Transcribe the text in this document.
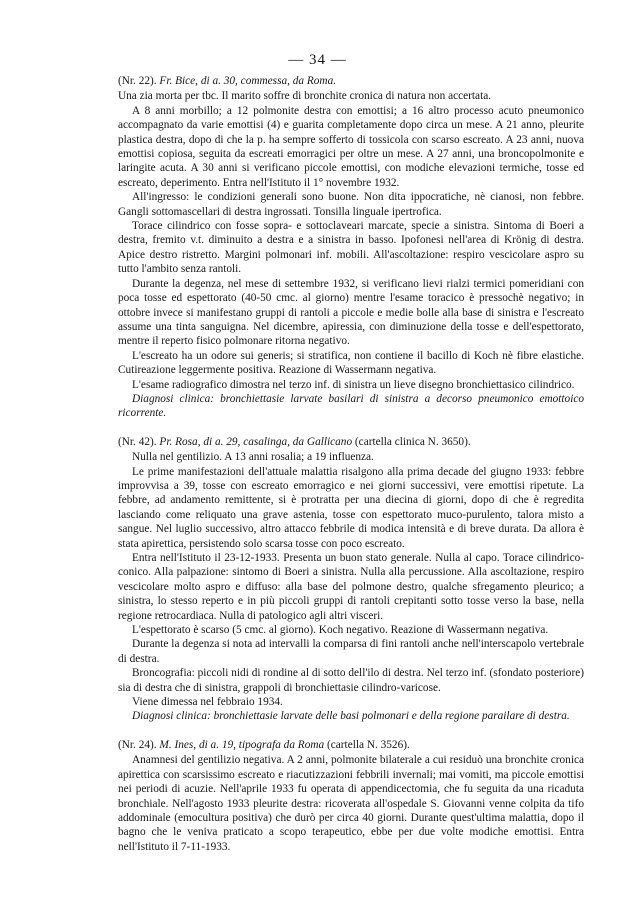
— 34 —

(Nr. 22). Fr. Bice, di a. 30, commessa, da Roma.

Una zia morta per tbc. Il marito soffre di bronchite cronica di natura non accertata.

A 8 anni morbillo; a 12 polmonite destra con emottisi; a 16 altro processo acuto pneumonico accompagnato da varie emottisi (4) e guarita completamente dopo circa un mese. A 21 anno, pleurite plastica destra, dopo di che la p. ha sempre sofferto di tossicola con scarso escreato. A 23 anni, nuova emottisi copiosa, seguita da escreati emorragici per oltre un mese. A 27 anni, una broncopolmonite e laringite acuta. A 30 anni si verificano piccole emottisi, con modiche elevazioni termiche, tosse ed escreato, deperimento. Entra nell'Istituto il 1° novembre 1932.

All'ingresso: le condizioni generali sono buone. Non dita ippocratiche, nè cianosi, non febbre. Gangli sottomascellari di destra ingrossati. Tonsilla linguale ipertrofica.

Torace cilindrico con fosse sopra- e sottoclaveari marcate, specie a sinistra. Sintoma di Boeri a destra, fremito v.t. diminuito a destra e a sinistra in basso. Ipofonesi nell'area di Krönig di destra. Apice destro ristretto. Margini polmonari inf. mobili. All'ascoltazione: respiro vescicolare aspro su tutto l'ambito senza rantoli.

Durante la degenza, nel mese di settembre 1932, si verificano lievi rialzi termici pomeridiani con poca tosse ed espettorato (40-50 cmc. al giorno) mentre l'esame toracico è pressochè negativo; in ottobre invece si manifestano gruppi di rantoli a piccole e medie bolle alla base di sinistra e l'escreato assume una tinta sanguigna. Nel dicembre, apiressia, con diminuzione della tosse e dell'espettorato, mentre il reperto fisico polmonare ritorna negativo.

L'escreato ha un odore sui generis; si stratifica, non contiene il bacillo di Koch nè fibre elastiche. Cutireazione leggermente positiva. Reazione di Wassermann negativa.

L'esame radiografico dimostra nel terzo inf. di sinistra un lieve disegno bronchiettasico cilindrico.

Diagnosi clinica: bronchiettasie larvate basilari di sinistra a decorso pneumonico emottoico ricorrente.

(Nr. 42). Pr. Rosa, di a. 29, casalinga, da Gallicano (cartella clinica N. 3650).

Nulla nel gentilizio. A 13 anni rosalia; a 19 influenza.

Le prime manifestazioni dell'attuale malattia risalgono alla prima decade del giugno 1933: febbre improvvisa a 39, tosse con escreato emorragico e nei giorni successivi, vere emottisi ripetute. La febbre, ad andamento remittente, si è protratta per una diecina di giorni, dopo di che è regredita lasciando come reliquato una grave astenia, tosse con espettorato muco-purulento, talora misto a sangue. Nel luglio successivo, altro attacco febbrile di modica intensità e di breve durata. Da allora è stata apirettica, persistendo solo scarsa tosse con poco escreato.

Entra nell'Istituto il 23-12-1933. Presenta un buon stato generale. Nulla al capo. Torace cilindrico-conico. Alla palpazione: sintomo di Boeri a sinistra. Nulla alla percussione. Alla ascoltazione, respiro vescicolare molto aspro e diffuso: alla base del polmone destro, qualche sfregamento pleurico; a sinistra, lo stesso reperto e in più piccoli gruppi di rantoli crepitanti sotto tosse verso la base, nella regione retrocardiaca. Nulla di patologico agli altri visceri.

L'espettorato è scarso (5 cmc. al giorno). Koch negativo. Reazione di Wassermann negativa.

Durante la degenza si nota ad intervalli la comparsa di fini rantoli anche nell'interscapolo vertebrale di destra.

Broncografia: piccoli nidi di rondine al di sotto dell'ilo di destra. Nel terzo inf. (sfondato posteriore) sia di destra che di sinistra, grappoli di bronchiettasie cilindro-varicose.

Viene dimessa nel febbraio 1934.

Diagnosi clinica: bronchiettasie larvate delle basi polmonari e della regione parailare di destra.

(Nr. 24). M. Ines, di a. 19, tipografa da Roma (cartella N. 3526).

Anamnesi del gentilizio negativa. A 2 anni, polmonite bilaterale a cui residuò una bronchite cronica apirettica con scarsissimo escreato e riacutizzazioni febbrili invernali; mai vomiti, ma piccole emottisi nei periodi di acuzie. Nell'aprile 1933 fu operata di appendicectomia, che fu seguita da una ricaduta bronchiale. Nell'agosto 1933 pleurite destra: ricoverata all'ospedale S. Giovanni venne colpita da tifo addominale (emocultura positiva) che durò per circa 40 giorni. Durante quest'ultima malattia, dopo il bagno che le veniva praticato a scopo terapeutico, ebbe per due volte modiche emottisi. Entra nell'Istituto il 7-11-1933.
